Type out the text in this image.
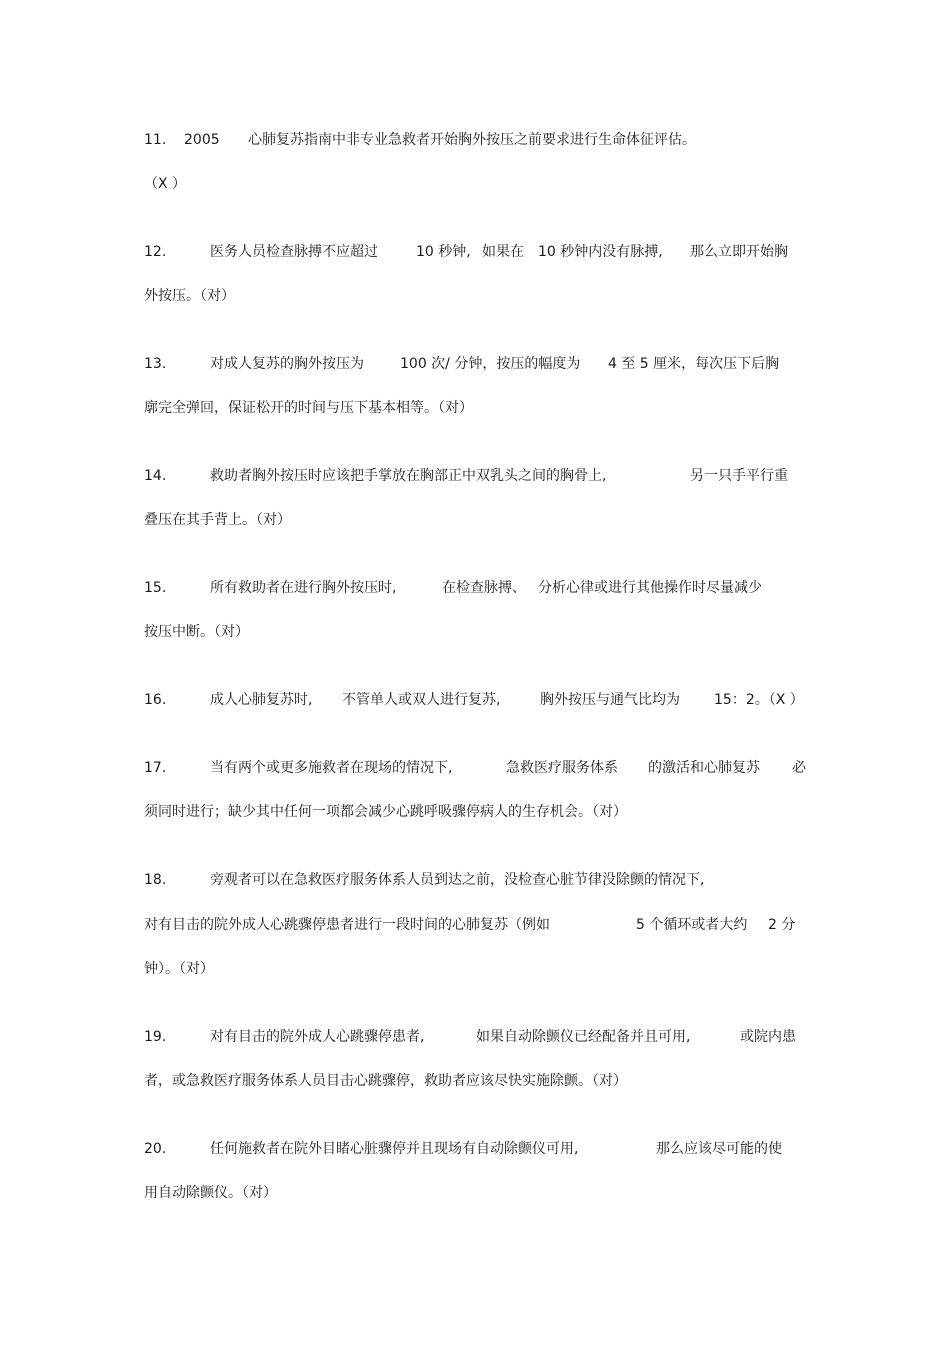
11. 2005 心肺复苏指南中非专业急救者开始胸外按压之前要求进行生命体征评估。
（X ）
12.	医务人员检查脉搏不应超过	10 秒钟, 如果在 10 秒钟内没有脉搏, 那么立即开始胸
外按压。（对）
13.	对成人复苏的胸外按压为	100 次/ 分钟，按压的幅度为 4 至 5 厘米，每次压下后胸
廓完全弹回，保证松开的时间与压下基本相等。（对）
14.	救助者胸外按压时应该把手掌放在胸部正中双乳头之间的胸骨上,	另一只手平行重
叠压在其手背上。（对）
15.	所有救助者在进行胸外按压时,	在检查脉搏、 分析心律或进行其他操作时尽量减少
按压中断。（对）
16.	成人心肺复苏时, 不管单人或双人进行复苏,	胸外按压与通气比均为 15：2。（X ）
17.	当有两个或更多施救者在现场的情况下,	急救医疗服务体系 的激活和心肺复苏 必
须同时进行；缺少其中任何一项都会减少心跳呼吸骤停病人的生存机会。（对）
18.	旁观者可以在急救医疗服务体系人员到达之前，没检查心脏节律没除颤的情况下,
对有目击的院外成人心跳骤停患者进行一段时间的心肺复苏（例如	5 个循环或者大约 2 分
钟）。（对）
19.	对有目击的院外成人心跳骤停患者,	如果自动除颤仪已经配备并且可用,	或院内患
者，或急救医疗服务体系人员目击心跳骤停，救助者应该尽快实施除颤。（对）
20.	任何施救者在院外目睹心脏骤停并且现场有自动除颤仪可用,	那么应该尽可能的使
用自动除颤仪。（对）
